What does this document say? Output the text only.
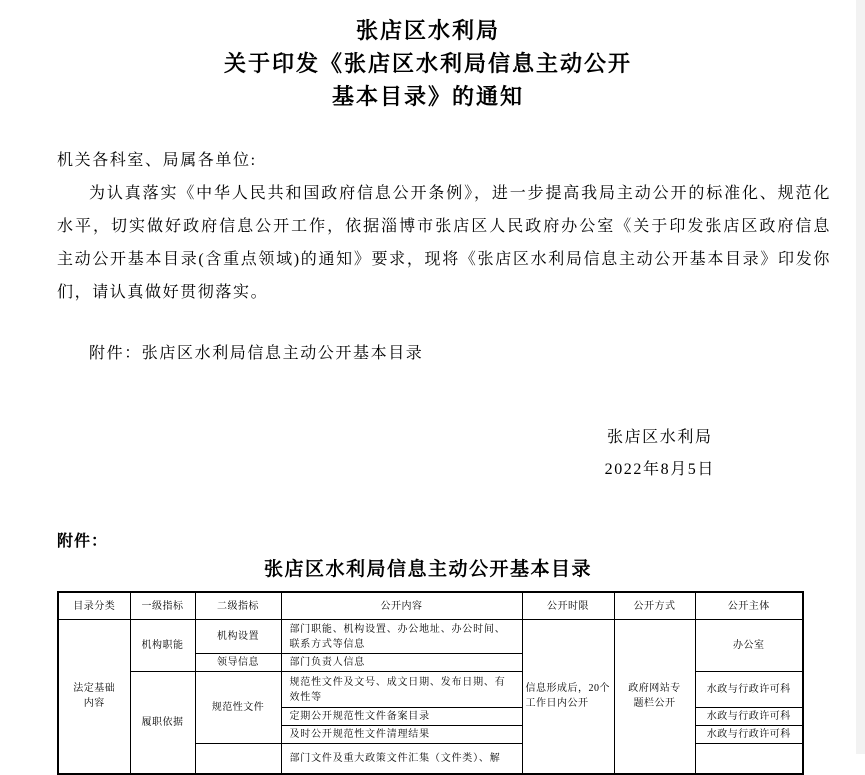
张店区水利局
关于印发《张店区水利局信息主动公开
基本目录》的通知
机关各科室、局属各单位:
为认真落实《中华人民共和国政府信息公开条例》，进一步提高我局主动公开的标准化、规范化水平，切实做好政府信息公开工作，依据淄博市张店区人民政府办公室《关于印发张店区政府信息主动公开基本目录(含重点领域)的通知》要求，现将《张店区水利局信息主动公开基本目录》印发你们，请认真做好贯彻落实。
附件：张店区水利局信息主动公开基本目录
张店区水利局
2022年8月5日
附件：
张店区水利局信息主动公开基本目录
目录分类	一级指标	二级指标	公开内容	公开时限	公开方式	公开主体
法定基础内容	机构职能	机构设置	部门职能、机构设置、办公地址、办公时间、联系方式等信息	信息形成后，20个工作日内公开	政府网站专题栏公开	办公室
		领导信息	部门负责人信息			
	履职依据	规范性文件	规范性文件及文号、成文日期、发布日期、有效性等			水政与行政许可科
			定期公开规范性文件备案目录			水政与行政许可科
			及时公开规范性文件清理结果			水政与行政许可科
			部门文件及重大政策文件汇集（文件类）、解			
